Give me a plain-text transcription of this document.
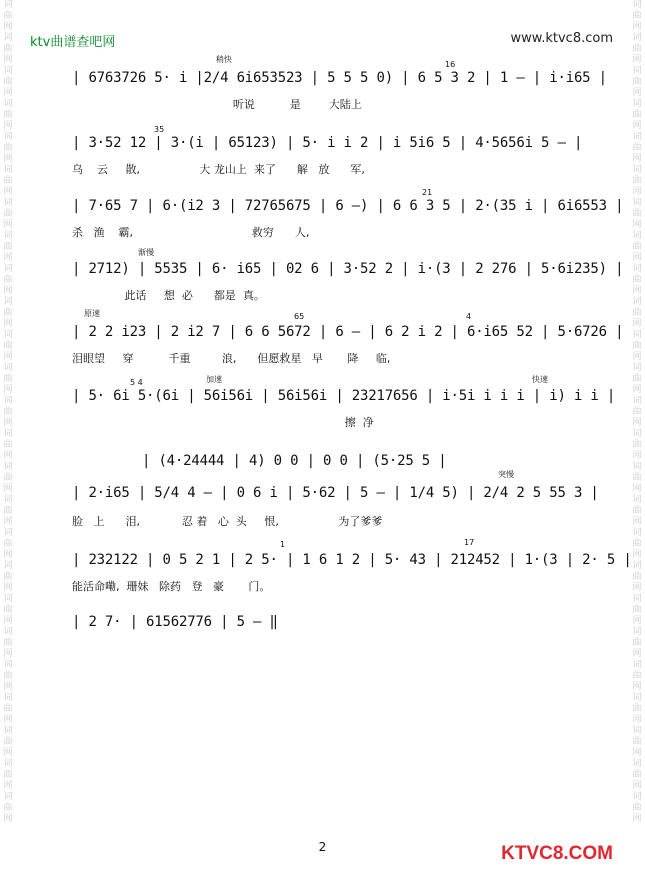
词曲网词曲网词曲网词曲网词曲网词曲网词曲网词曲网词曲网词曲网词曲网词曲网词曲网词曲网词曲网词曲网词曲网词曲网词曲网词曲网词曲网词曲网词曲网词曲网词曲网
词曲网词曲网词曲网词曲网词曲网词曲网词曲网词曲网词曲网词曲网词曲网词曲网词曲网词曲网词曲网词曲网词曲网词曲网词曲网词曲网词曲网词曲网词曲网词曲网词曲网
ktv曲谱查吧网	www.ktvc8.com
稍快
16
| 6763726 5· i |2/4 6i653523 | 5 5 5 0) | 6 5 3 2 | 1 — | i·i65 |
听说          是        大陆上
35
| 3·52 12 | 3·(i | 65123) | 5· i i 2 | i 5i6 5 | 4·5656i 5 — |
乌    云     散,                 大 龙山上  来了      解   放      军,
21
| 7·65 7 | 6·(i2 3 | 72765675 | 6 —) | 6 6 3 5 | 2·(35 i | 6i6553 |
杀   渔    霸,                                  救穷      人,
渐慢
| 2712) | 5535 | 6· i65 | 02 6 | 3·52 2 | i·(3 | 2 276 | 5·6i235) |
此话     想  必      都是  真。
原速	65	4
| 2 2 i23 | 2 i2 7 | 6 6 5672 | 6 — | 6 2 i 2 | 6·i65 52 | 5·6726 |
泪眼望     穿          千重         浪,      但愿救星   早       降     临,
5 4	加速	快速
| 5· 6i 5·(6i | 56i56i | 56i56i | 23217656 | i·5i i i i | i) i i |
擦  净
突慢
| (4·24444 | 4) 0 0 | 0 0 | (5·25 5 |
| 2·i65 | 5/4 4 — | 0 6 i | 5·62 | 5 — | 1/4 5) | 2/4 2 5 55 3 |
脸   上      泪,            忍 着   心  头     恨,                 为了爹爹
1	17
| 232122 | 0 5 2 1 | 2 5· | 1 6 1 2 | 5· 43 | 212452 | 1·(3 | 2· 5 |
能活命嘞,  珊妹   除药   登   豪       门。
| 2 7· | 61562776 | 5 — ‖
2	KTVC8.COM
